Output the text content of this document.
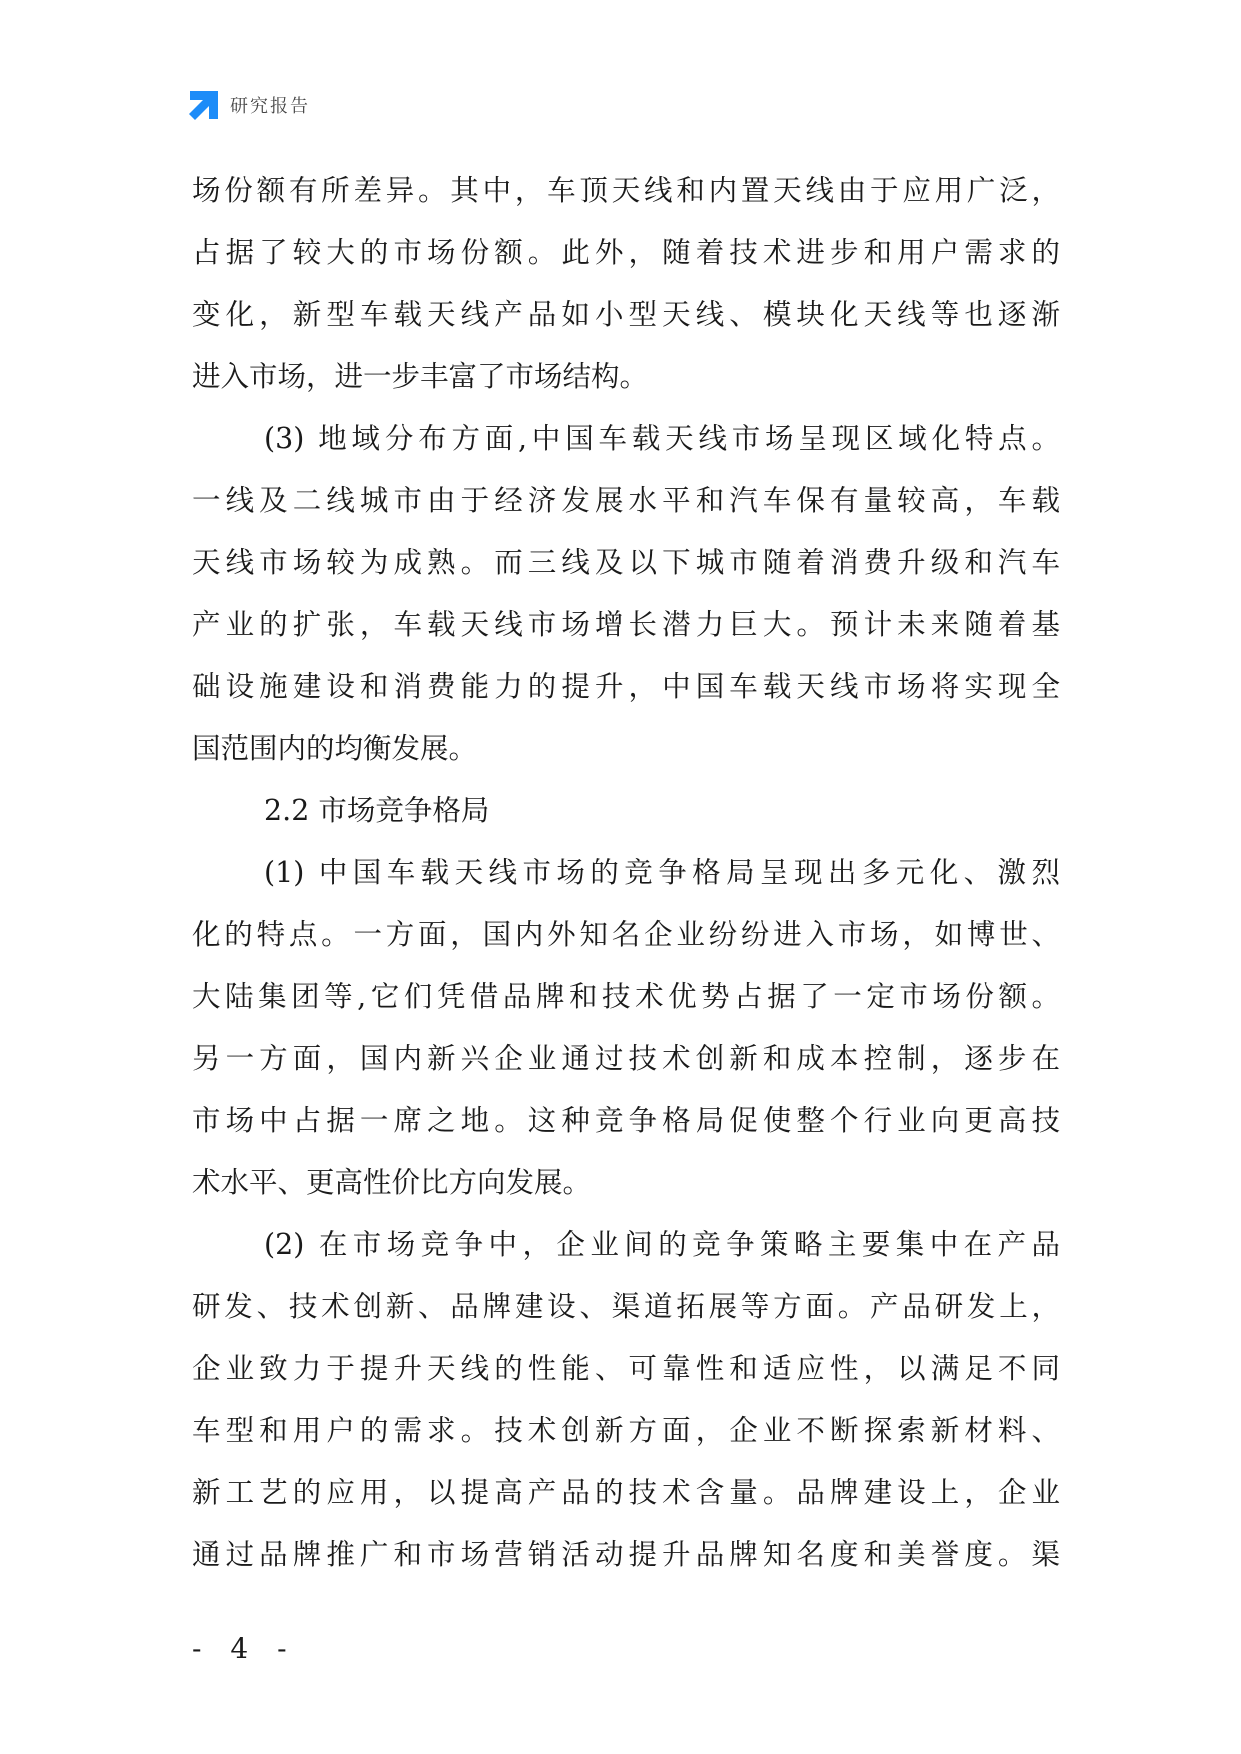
研究报告
场份额有所差异。其中，车顶天线和内置天线由于应用广泛，
占据了较大的市场份额。此外，随着技术进步和用户需求的
变化，新型车载天线产品如小型天线、模块化天线等也逐渐
进入市场，进一步丰富了市场结构。
(3) 地域分布方面,中国车载天线市场呈现区域化特点。
一线及二线城市由于经济发展水平和汽车保有量较高，车载
天线市场较为成熟。而三线及以下城市随着消费升级和汽车
产业的扩张，车载天线市场增长潜力巨大。预计未来随着基
础设施建设和消费能力的提升，中国车载天线市场将实现全
国范围内的均衡发展。
2.2 市场竞争格局
(1) 中国车载天线市场的竞争格局呈现出多元化、激烈
化的特点。一方面，国内外知名企业纷纷进入市场，如博世、
大陆集团等,它们凭借品牌和技术优势占据了一定市场份额。
另一方面，国内新兴企业通过技术创新和成本控制，逐步在
市场中占据一席之地。这种竞争格局促使整个行业向更高技
术水平、更高性价比方向发展。
(2) 在市场竞争中，企业间的竞争策略主要集中在产品
研发、技术创新、品牌建设、渠道拓展等方面。产品研发上，
企业致力于提升天线的性能、可靠性和适应性，以满足不同
车型和用户的需求。技术创新方面，企业不断探索新材料、
新工艺的应用，以提高产品的技术含量。品牌建设上，企业
通过品牌推广和市场营销活动提升品牌知名度和美誉度。渠
- 4 -
